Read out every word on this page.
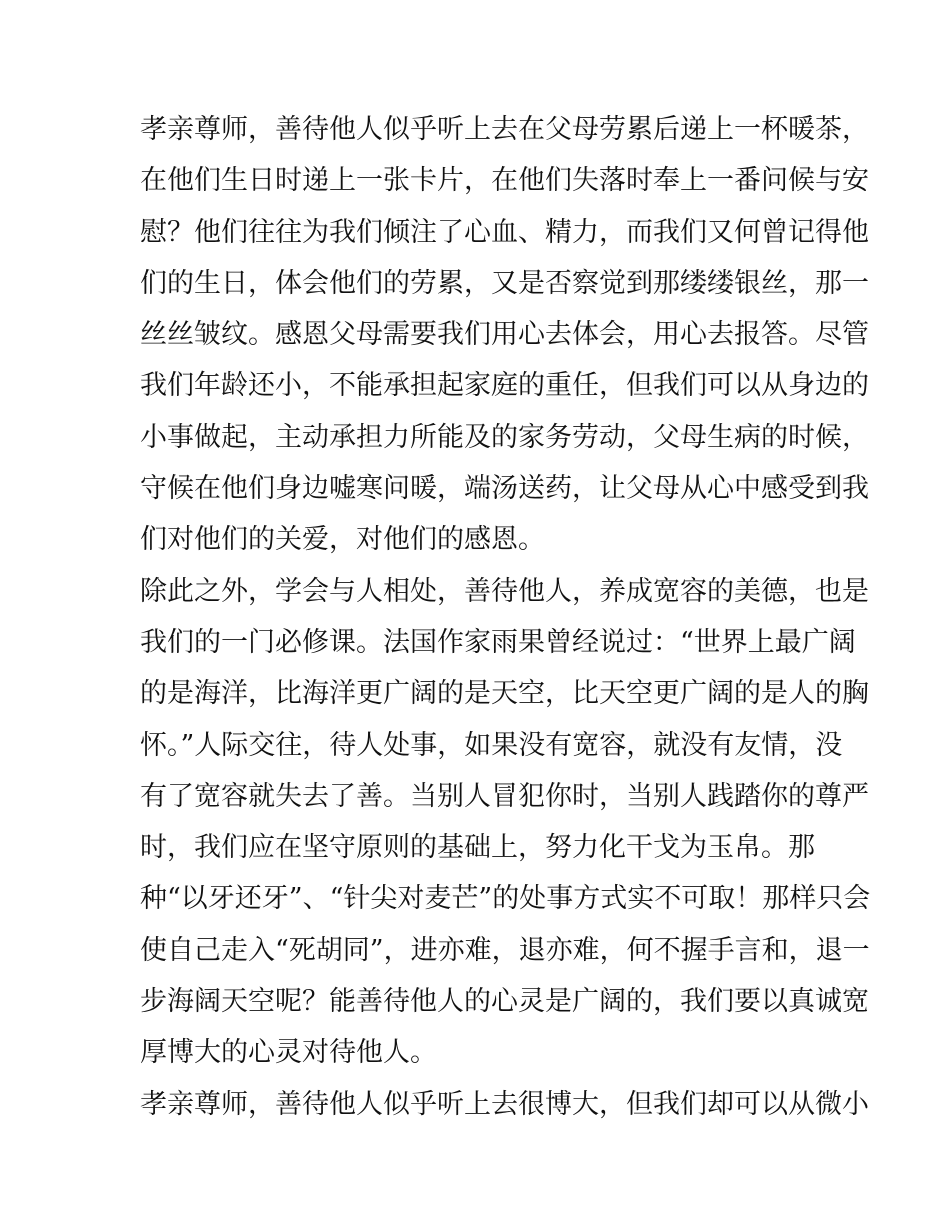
孝亲尊师，善待他人似乎听上去在父母劳累后递上一杯暖茶，
在他们生日时递上一张卡片，在他们失落时奉上一番问候与安
慰？他们往往为我们倾注了心血、精力，而我们又何曾记得他
们的生日，体会他们的劳累，又是否察觉到那缕缕银丝，那一
丝丝皱纹。感恩父母需要我们用心去体会，用心去报答。尽管
我们年龄还小，不能承担起家庭的重任，但我们可以从身边的
小事做起，主动承担力所能及的家务劳动，父母生病的时候，
守候在他们身边嘘寒问暖，端汤送药，让父母从心中感受到我
们对他们的关爱，对他们的感恩。
除此之外，学会与人相处，善待他人，养成宽容的美德，也是
我们的一门必修课。法国作家雨果曾经说过：“世界上最广阔
的是海洋，比海洋更广阔的是天空，比天空更广阔的是人的胸
怀。”人际交往，待人处事，如果没有宽容，就没有友情，没
有了宽容就失去了善。当别人冒犯你时，当别人践踏你的尊严
时，我们应在坚守原则的基础上，努力化干戈为玉帛。那
种“以牙还牙”、“针尖对麦芒”的处事方式实不可取！那样只会
使自己走入“死胡同”，进亦难，退亦难，何不握手言和，退一
步海阔天空呢？能善待他人的心灵是广阔的，我们要以真诚宽
厚博大的心灵对待他人。
孝亲尊师，善待他人似乎听上去很博大，但我们却可以从微小
